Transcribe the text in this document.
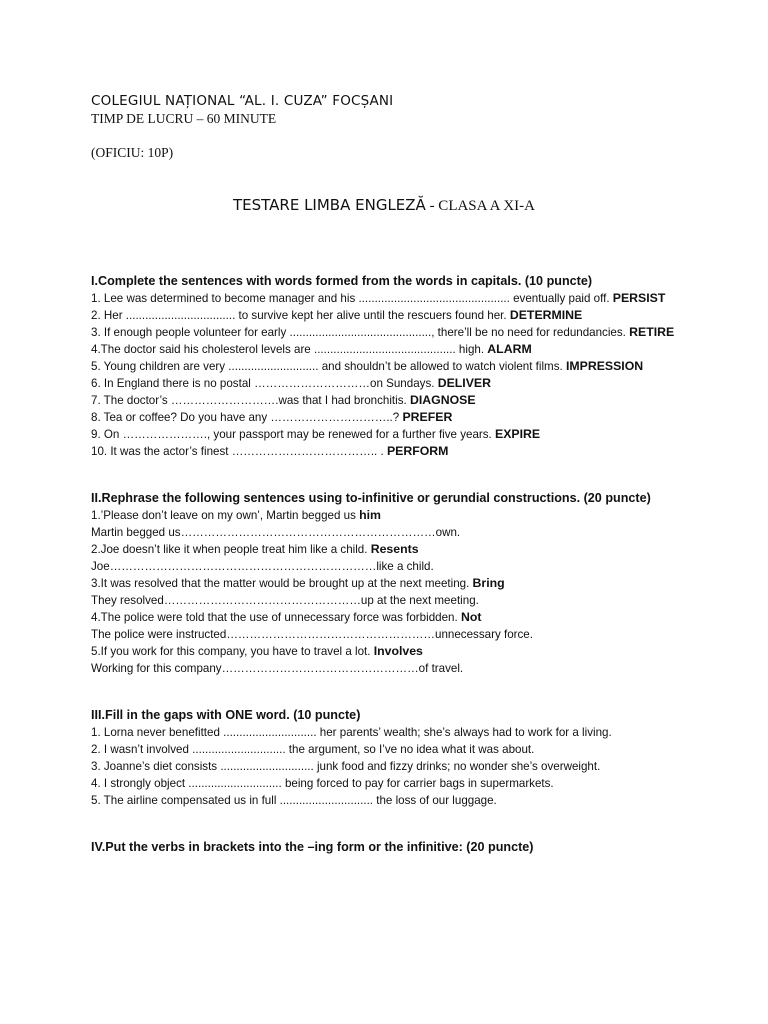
COLEGIUL NAȚIONAL “AL. I. CUZA” FOCȘANI
TIMP DE LUCRU – 60 MINUTE
(OFICIU: 10P)
TESTARE LIMBA ENGLEZĂ - CLASA A XI-A
I.Complete the sentences with words formed from the words in capitals. (10 puncte)
1. Lee was determined to become manager and his ............................................... eventually paid off. PERSIST
2. Her .................................. to survive kept her alive until the rescuers found her. DETERMINE
3. If enough people volunteer for early ............................................, there’ll be no need for redundancies. RETIRE
4.The doctor said his cholesterol levels are ............................................ high. ALARM
5. Young children are very ............................ and shouldn’t be allowed to watch violent films. IMPRESSION
6. In England there is no postal …………………………on Sundays. DELIVER
7. The doctor’s ……………………….was that I had bronchitis. DIAGNOSE
8. Tea or coffee? Do you have any …………………………..? PREFER
9. On …………………., your passport may be renewed for a further five years. EXPIRE
10. It was the actor’s finest ……………………………….. . PERFORM
II.Rephrase the following sentences using to-infinitive or gerundial constructions. (20 puncte)
1.’Please don’t leave on my own’, Martin begged us him
Martin begged us…………………………………………………………own.
2.Joe doesn’t like it when people treat him like a child. Resents
Joe……………………………………………………………like a child.
3.It was resolved that the matter would be brought up at the next meeting. Bring
They resolved……………………………………………up at the next meeting.
4.The police were told that the use of unnecessary force was forbidden. Not
The police were instructed………………………………………………unnecessary force.
5.If you work for this company, you have to travel a lot. Involves
Working for this company……………………………………………of travel.
III.Fill in the gaps with ONE word. (10 puncte)
1. Lorna never benefitted ............................. her parents’ wealth; she’s always had to work for a living.
2. I wasn’t involved ............................. the argument, so I’ve no idea what it was about.
3. Joanne’s diet consists ............................. junk food and fizzy drinks; no wonder she’s overweight.
4. I strongly object ............................. being forced to pay for carrier bags in supermarkets.
5. The airline compensated us in full ............................. the loss of our luggage.
IV.Put the verbs in brackets into the –ing form or the infinitive: (20 puncte)
